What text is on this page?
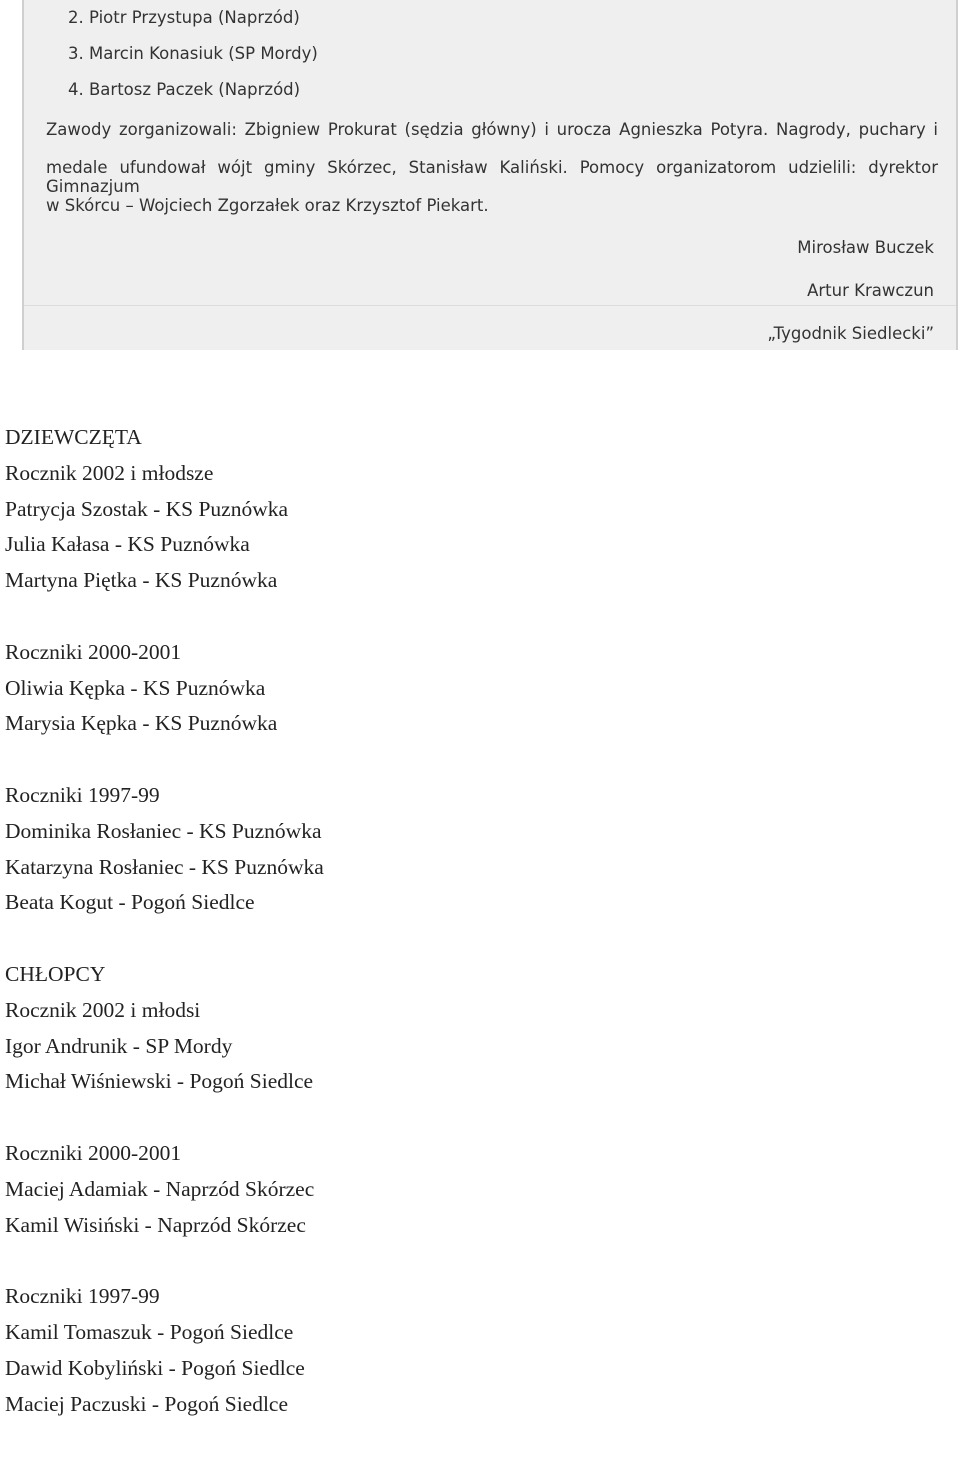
2. Piotr Przystupa (Naprzód)
3. Marcin Konasiuk (SP Mordy)
4. Bartosz Paczek (Naprzód)
Zawody zorganizowali: Zbigniew Prokurat (sędzia główny) i urocza Agnieszka Potyra. Nagrody, puchary i
medale ufundował wójt gminy Skórzec, Stanisław Kaliński. Pomocy organizatorom udzielili: dyrektor Gimnazjum
w Skórcu – Wojciech Zgorzałek oraz Krzysztof Piekart.
Mirosław Buczek
Artur Krawczun
„Tygodnik Siedlecki”
DZIEWCZĘTA
Rocznik 2002 i młodsze
Patrycja Szostak - KS Puznówka
Julia Kałasa - KS Puznówka
Martyna Piętka - KS Puznówka
Roczniki 2000-2001
Oliwia Kępka - KS Puznówka
Marysia Kępka - KS Puznówka
Roczniki 1997-99
Dominika Rosłaniec - KS Puznówka
Katarzyna Rosłaniec - KS Puznówka
Beata Kogut - Pogoń Siedlce
CHŁOPCY
Rocznik 2002 i młodsi
Igor Andrunik - SP Mordy
Michał Wiśniewski - Pogoń Siedlce
Roczniki 2000-2001
Maciej Adamiak - Naprzód Skórzec
Kamil Wisiński - Naprzód Skórzec
Roczniki 1997-99
Kamil Tomaszuk - Pogoń Siedlce
Dawid Kobyliński - Pogoń Siedlce
Maciej Paczuski - Pogoń Siedlce
